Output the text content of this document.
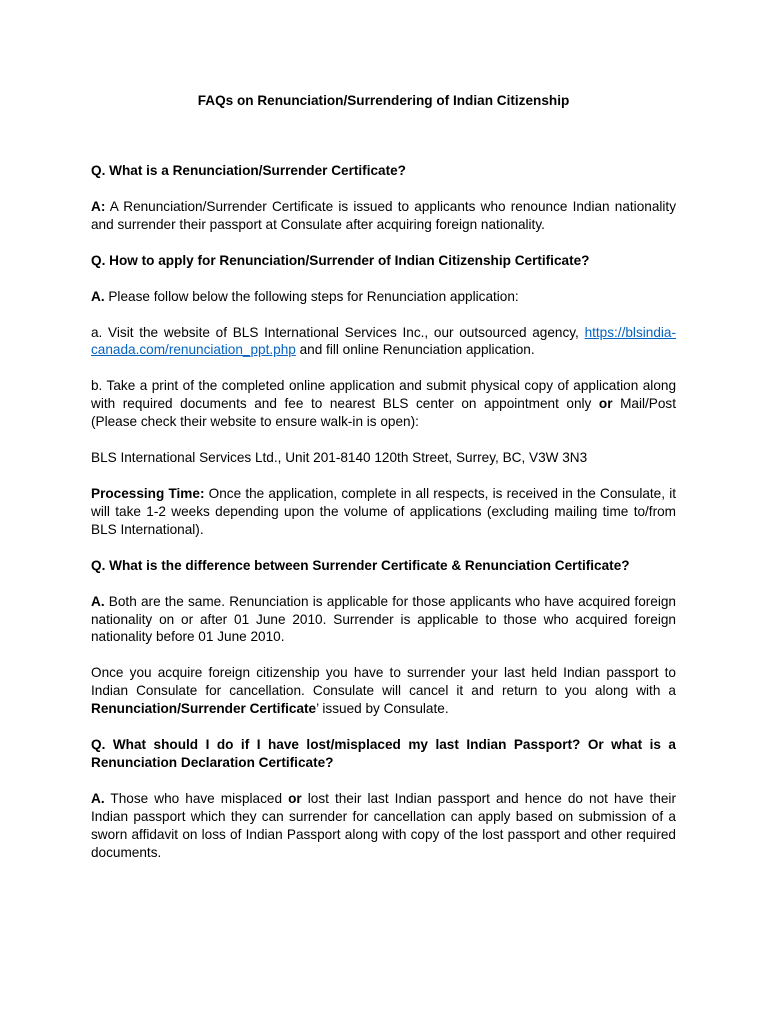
FAQs on Renunciation/Surrendering of Indian Citizenship

Q. What is a Renunciation/Surrender Certificate?

A: A Renunciation/Surrender Certificate is issued to applicants who renounce Indian nationality and surrender their passport at Consulate after acquiring foreign nationality.

Q. How to apply for Renunciation/Surrender of Indian Citizenship Certificate?

A. Please follow below the following steps for Renunciation application:

a. Visit the website of BLS International Services Inc., our outsourced agency, https://blsindia-canada.com/renunciation_ppt.php and fill online Renunciation application.

b. Take a print of the completed online application and submit physical copy of application along with required documents and fee to nearest BLS center on appointment only or Mail/Post (Please check their website to ensure walk-in is open):

BLS International Services Ltd., Unit 201-8140 120th Street, Surrey, BC, V3W 3N3

Processing Time: Once the application, complete in all respects, is received in the Consulate, it will take 1-2 weeks depending upon the volume of applications (excluding mailing time to/from BLS International).

Q. What is the difference between Surrender Certificate & Renunciation Certificate?

A. Both are the same. Renunciation is applicable for those applicants who have acquired foreign nationality on or after 01 June 2010. Surrender is applicable to those who acquired foreign nationality before 01 June 2010.

Once you acquire foreign citizenship you have to surrender your last held Indian passport to Indian Consulate for cancellation. Consulate will cancel it and return to you along with a Renunciation/Surrender Certificate’ issued by Consulate.

Q. What should I do if I have lost/misplaced my last Indian Passport? Or what is a Renunciation Declaration Certificate?

A. Those who have misplaced or lost their last Indian passport and hence do not have their Indian passport which they can surrender for cancellation can apply based on submission of a sworn affidavit on loss of Indian Passport along with copy of the lost passport and other required documents.
